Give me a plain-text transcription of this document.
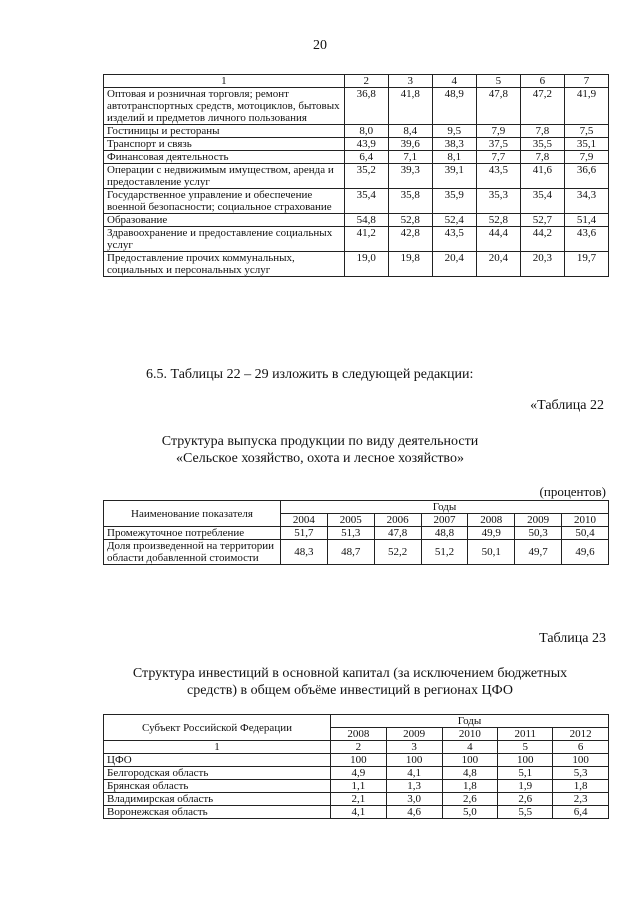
20
1	2	3	4	5	6	7
Оптовая и розничная торговля; ремонт автотранспортных средств, мотоциклов, бытовых изделий и предметов личного пользования	36,8	41,8	48,9	47,8	47,2	41,9
Гостиницы и рестораны	8,0	8,4	9,5	7,9	7,8	7,5
Транспорт и связь	43,9	39,6	38,3	37,5	35,5	35,1
Финансовая деятельность	6,4	7,1	8,1	7,7	7,8	7,9
Операции с недвижимым имуществом, аренда и предоставление услуг	35,2	39,3	39,1	43,5	41,6	36,6
Государственное управление и обеспечение военной безопасности; социальное страхование	35,4	35,8	35,9	35,3	35,4	34,3
Образование	54,8	52,8	52,4	52,8	52,7	51,4
Здравоохранение и предоставление социальных услуг	41,2	42,8	43,5	44,4	44,2	43,6
Предоставление прочих коммунальных, социальных и персональных услуг	19,0	19,8	20,4	20,4	20,3	19,7
6.5. Таблицы 22 – 29 изложить в следующей редакции:
«Таблица 22
Структура выпуска продукции по виду деятельности
«Сельское хозяйство, охота и лесное хозяйство»
(процентов)
Наименование показателя	Годы						
	2004	2005	2006	2007	2008	2009	2010
Промежуточное потребление	51,7	51,3	47,8	48,8	49,9	50,3	50,4
Доля произведенной на территории области добавленной стоимости	48,3	48,7	52,2	51,2	50,1	49,7	49,6
Таблица 23
Структура инвестиций в основной капитал (за исключением бюджетных средств) в общем объёме инвестиций в регионах ЦФО
Субъект Российской Федерации	Годы				
	2008	2009	2010	2011	2012
1	2	3	4	5	6
ЦФО	100	100	100	100	100
Белгородская область	4,9	4,1	4,8	5,1	5,3
Брянская область	1,1	1,3	1,8	1,9	1,8
Владимирская область	2,1	3,0	2,6	2,6	2,3
Воронежская область	4,1	4,6	5,0	5,5	6,4
